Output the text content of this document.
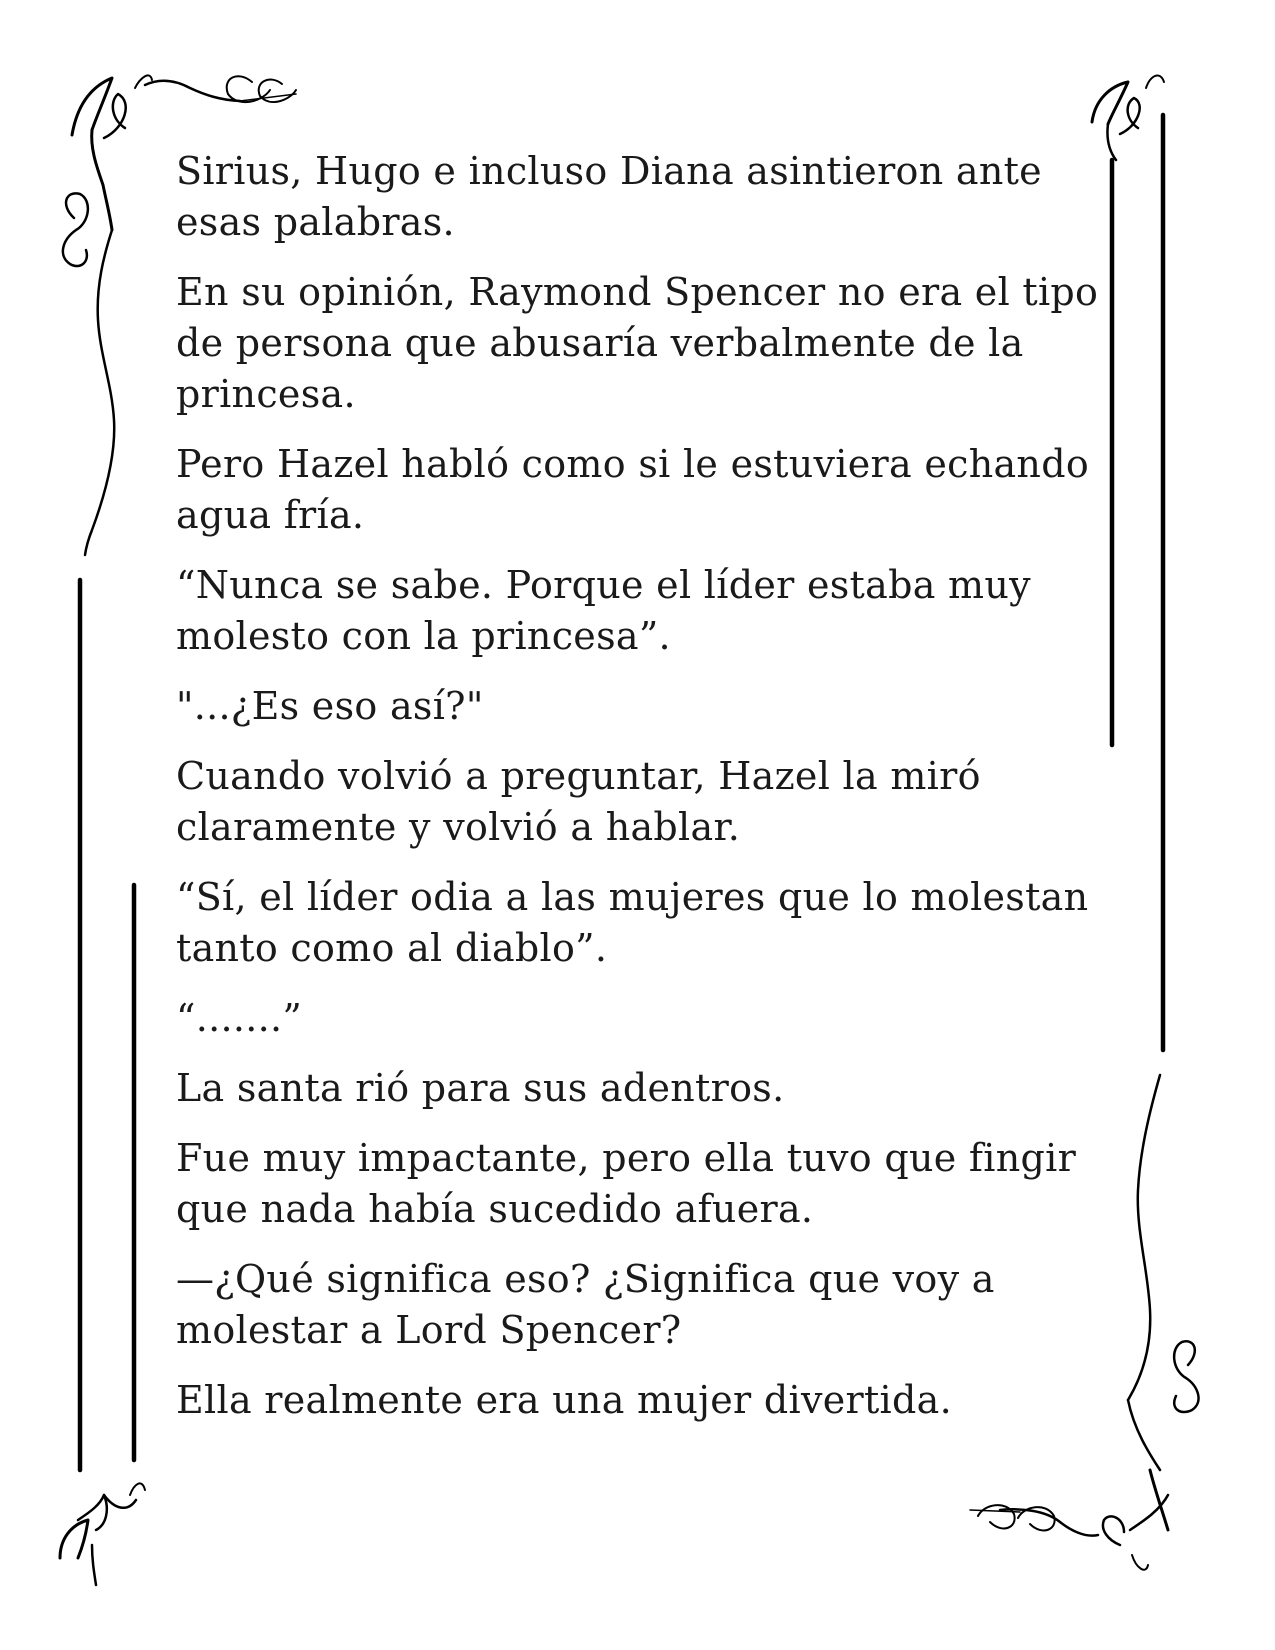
Sirius, Hugo e incluso Diana asintieron ante esas palabras.

En su opinión, Raymond Spencer no era el tipo de persona que abusaría verbalmente de la princesa.

Pero Hazel habló como si le estuviera echando agua fría.

“Nunca se sabe. Porque el líder estaba muy molesto con la princesa”.

"...¿Es eso así?"

Cuando volvió a preguntar, Hazel la miró claramente y volvió a hablar.

“Sí, el líder odia a las mujeres que lo molestan tanto como al diablo”.

“.......”

La santa rió para sus adentros.

Fue muy impactante, pero ella tuvo que fingir que nada había sucedido afuera.

—¿Qué significa eso? ¿Significa que voy a molestar a Lord Spencer?

Ella realmente era una mujer divertida.
